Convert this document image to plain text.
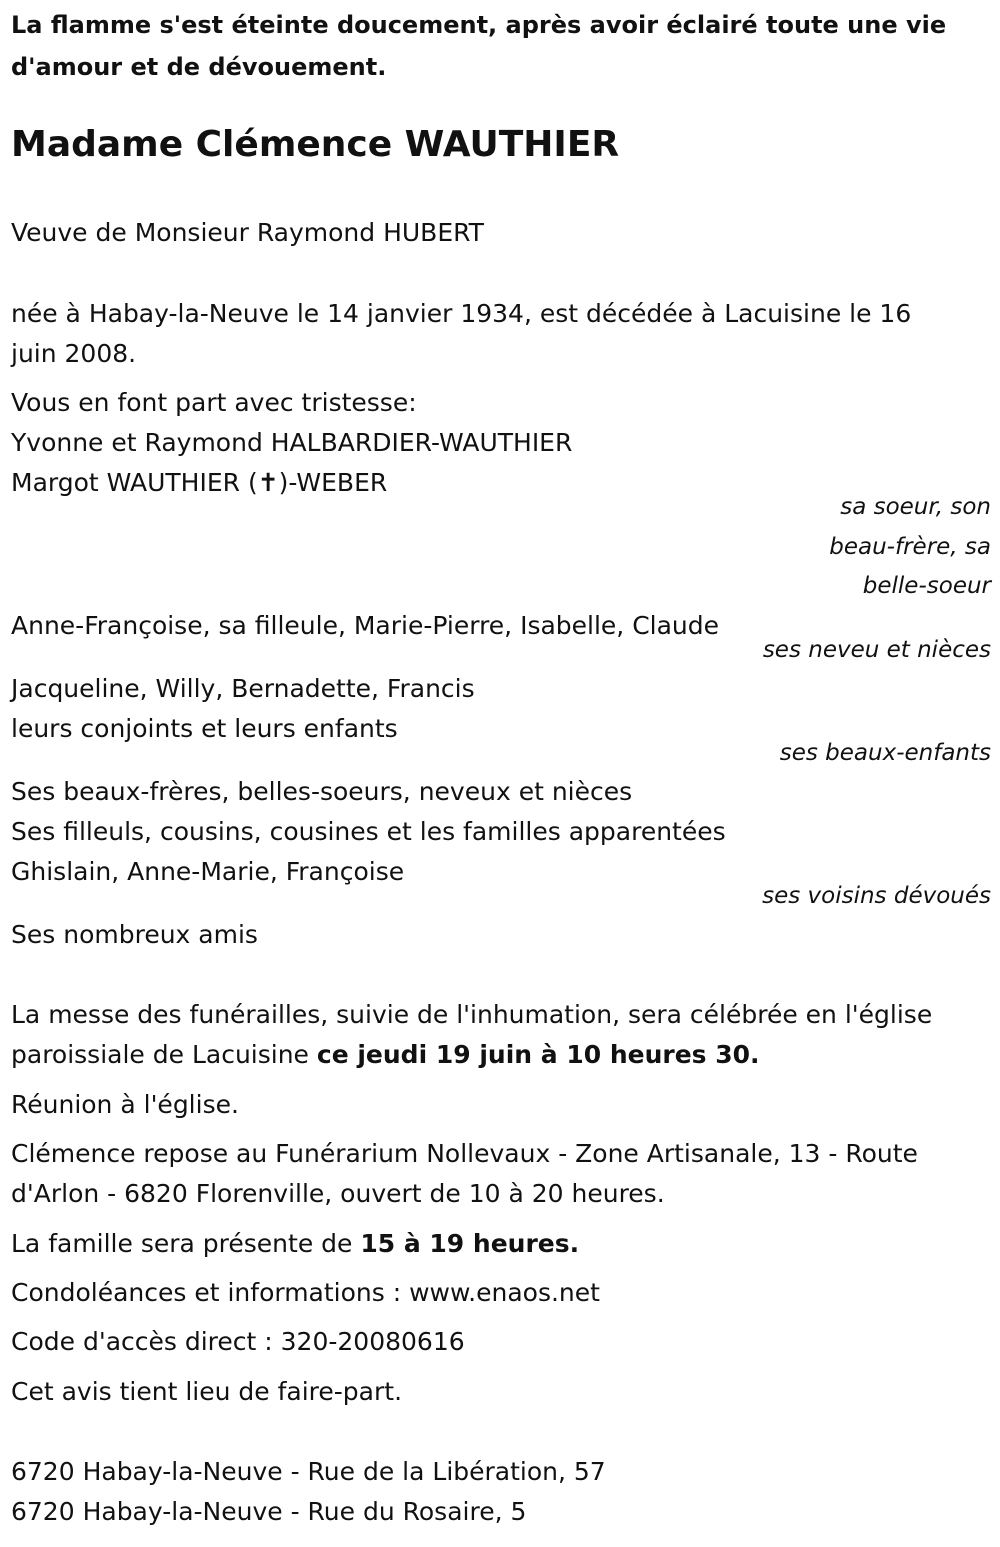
La flamme s'est éteinte doucement, après avoir éclairé toute une vie d'amour et de dévouement.

Madame Clémence WAUTHIER

Veuve de Monsieur Raymond HUBERT

née à Habay-la-Neuve le 14 janvier 1934, est décédée à Lacuisine le 16

juin 2008.

Vous en font part avec tristesse:

Yvonne et Raymond HALBARDIER-WAUTHIER

Margot WAUTHIER (✝)-WEBER

sa soeur, son

beau-frère, sa

belle-soeur

Anne-Françoise, sa filleule, Marie-Pierre, Isabelle, Claude

ses neveu et nièces

Jacqueline, Willy, Bernadette, Francis

leurs conjoints et leurs enfants

ses beaux-enfants

Ses beaux-frères, belles-soeurs, neveux et nièces

Ses filleuls, cousins, cousines et les familles apparentées

Ghislain, Anne-Marie, Françoise

ses voisins dévoués

Ses nombreux amis

La messe des funérailles, suivie de l'inhumation, sera célébrée en l'église

paroissiale de Lacuisine ce jeudi 19 juin à 10 heures 30.

Réunion à l'église.

Clémence repose au Funérarium Nollevaux - Zone Artisanale, 13 - Route

d'Arlon - 6820 Florenville, ouvert de 10 à 20 heures.

La famille sera présente de 15 à 19 heures.

Condoléances et informations : www.enaos.net

Code d'accès direct : 320-20080616

Cet avis tient lieu de faire-part.

6720 Habay-la-Neuve - Rue de la Libération, 57

6720 Habay-la-Neuve - Rue du Rosaire, 5
